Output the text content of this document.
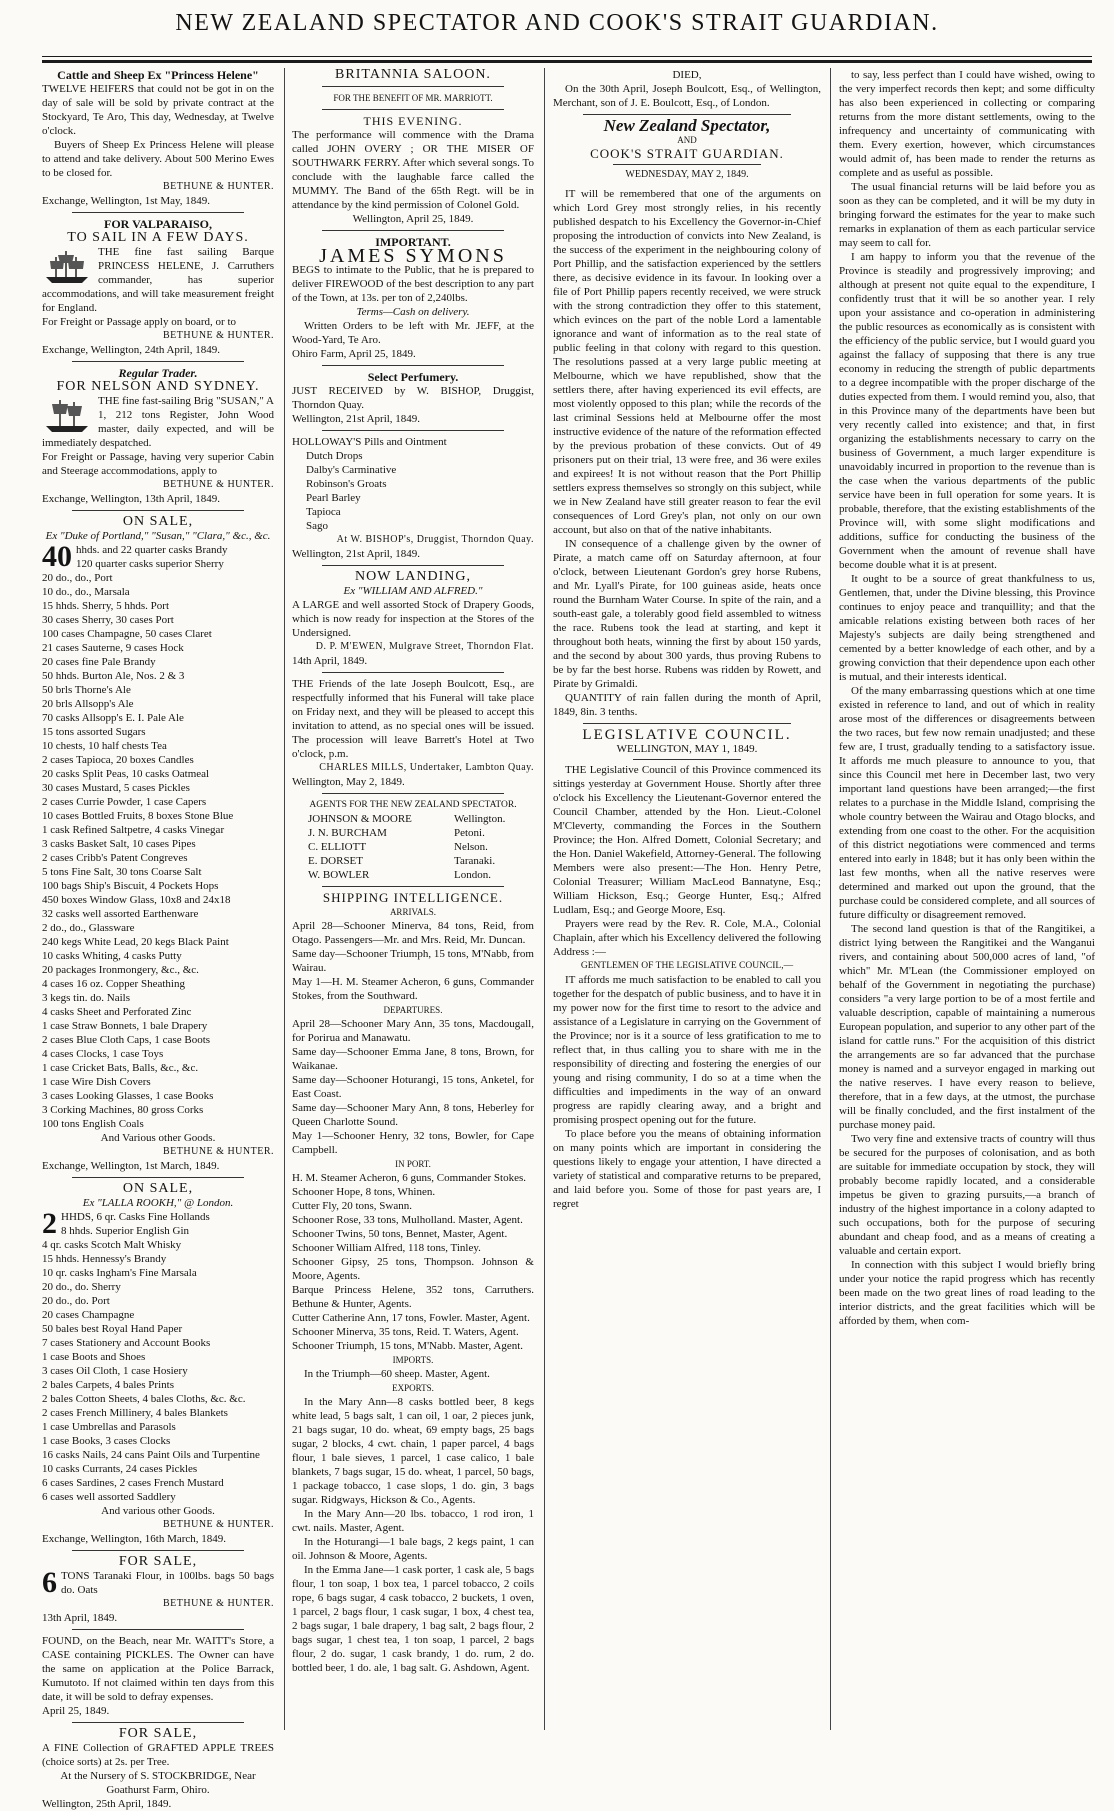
NEW ZEALAND SPECTATOR AND COOK'S STRAIT GUARDIAN.
Cattle and Sheep Ex "Princess Helene"

TWELVE HEIFERS that could not be got in on the day of sale will be sold by private contract at the Stockyard, Te Aro, This day, Wednesday, at Twelve o'clock.

Buyers of Sheep Ex Princess Helene will please to attend and take delivery. About 500 Merino Ewes to be closed for.

BETHUNE & HUNTER.
Exchange, Wellington, 1st May, 1849.
FOR VALPARAISO,
TO SAIL IN A FEW DAYS.

THE fine fast sailing Barque PRINCESS HELENE, J. Carruthers commander, has superior accommodations, and will take measurement freight for England.

For Freight or Passage apply on board, or to

BETHUNE & HUNTER.
Exchange, Wellington, 24th April, 1849.
Regular Trader.
FOR NELSON AND SYDNEY.

THE fine fast-sailing Brig "SUSAN," A 1, 212 tons Register, John Wood master, daily expected, and will be immediately despatched.

For Freight or Passage, having very superior Cabin and Steerage accommodations, apply to

BETHUNE & HUNTER.
Exchange, Wellington, 13th April, 1849.
ON SALE,
Ex "Duke of Portland," "Susan," "Clara," &c., &c.
40 hhds. and 22 quarter casks Brandy
120 quarter casks superior Sherry
20 do., do., Port
10 do., do., Marsala
15 hhds. Sherry, 5 hhds. Port
30 cases Sherry, 30 cases Port
100 cases Champagne, 50 cases Claret
21 cases Sauterne, 9 cases Hock
20 cases fine Pale Brandy
50 hhds. Burton Ale, Nos. 2 & 3
50 brls Thorne's Ale
20 brls Allsopp's Ale
70 casks Allsopp's E. I. Pale Ale
15 tons assorted Sugars
10 chests, 10 half chests Tea
2 cases Tapioca, 20 boxes Candles
20 casks Split Peas, 10 casks Oatmeal
30 cases Mustard, 5 cases Pickles
2 cases Currie Powder, 1 case Capers
10 cases Bottled Fruits, 8 boxes Stone Blue
1 cask Refined Saltpetre, 4 casks Vinegar
3 casks Basket Salt, 10 cases Pipes
2 cases Cribb's Patent Congreves
5 tons Fine Salt, 30 tons Coarse Salt
100 bags Ship's Biscuit, 4 Pockets Hops
450 boxes Window Glass, 10x8 and 24x18
32 casks well assorted Earthenware
2 do., do., Glassware
240 kegs White Lead, 20 kegs Black Paint
10 casks Whiting, 4 casks Putty
20 packages Ironmongery, &c., &c.
4 cases 16 oz. Copper Sheathing
3 kegs tin. do. Nails
4 casks Sheet and Perforated Zinc
1 case Straw Bonnets, 1 bale Drapery
2 cases Blue Cloth Caps, 1 case Boots
4 cases Clocks, 1 case Toys
1 case Cricket Bats, Balls, &c., &c.
1 case Wire Dish Covers
3 cases Looking Glasses, 1 case Books
3 Corking Machines, 80 gross Corks
100 tons English Coals
And Various other Goods.
BETHUNE & HUNTER.
Exchange, Wellington, 1st March, 1849.
ON SALE,
Ex "LALLA ROOKH," @ London.
2 HHDS, 6 qr. Casks Fine Hollands
8 hhds. Superior English Gin
4 qr. casks Scotch Malt Whisky
15 hhds. Hennessy's Brandy
10 qr. casks Ingham's Fine Marsala
20 do., do. Sherry
20 do., do. Port
20 cases Champagne
50 bales best Royal Hand Paper
7 cases Stationery and Account Books
1 case Boots and Shoes
3 cases Oil Cloth, 1 case Hosiery
2 bales Carpets, 4 bales Prints
2 bales Cotton Sheets, 4 bales Cloths, &c. &c.
2 cases French Millinery, 4 bales Blankets
1 case Umbrellas and Parasols
1 case Books, 3 cases Clocks
16 casks Nails, 24 cans Paint Oils and Turpentine
10 casks Currants, 24 cases Pickles
6 cases Sardines, 2 cases French Mustard
6 cases well assorted Saddlery
And various other Goods.
BETHUNE & HUNTER.
Exchange, Wellington, 16th March, 1849.
FOR SALE,

6 TONS Taranaki Flour, in 100lbs. bags 50 bags do. Oats

BETHUNE & HUNTER.
13th April, 1849.

FOUND, on the Beach, near Mr. WAITT's Store, a CASE containing PICKLES. The Owner can have the same on application at the Police Barrack, Kumutoto. If not claimed within ten days from this date, it will be sold to defray expenses.

April 25, 1849.
FOR SALE,

A FINE Collection of GRAFTED APPLE TREES (choice sorts) at 2s. per Tree.

At the Nursery of S. STOCKBRIDGE, Near Goathurst Farm, Ohiro.
Wellington, 25th April, 1849.
BRITANNIA SALOON.
FOR THE BENEFIT OF MR. MARRIOTT.
THIS EVENING.

The performance will commence with the Drama called JOHN OVERY ; OR THE MISER OF SOUTHWARK FERRY. After which several songs. To conclude with the laughable farce called the MUMMY. The Band of the 65th Regt. will be in attendance by the kind permission of Colonel Gold.

Wellington, April 25, 1849.
IMPORTANT.
JAMES SYMONS

BEGS to intimate to the Public, that he is prepared to deliver FIREWOOD of the best description to any part of the Town, at 13s. per ton of 2,240lbs.

Terms—Cash on delivery.

Written Orders to be left with Mr. JEFF, at the Wood-Yard, Te Aro.

Ohiro Farm, April 25, 1849.
Select Perfumery.

JUST RECEIVED by W. BISHOP, Druggist, Thorndon Quay.

Wellington, 21st April, 1849.
HOLLOWAY'S Pills and Ointment
Dutch Drops
Dalby's Carminative
Robinson's Groats
Pearl Barley
Tapioca
Sago
At W. BISHOP's, Druggist, Thorndon Quay.
Wellington, 21st April, 1849.
NOW LANDING,
Ex "WILLIAM AND ALFRED."

A LARGE and well assorted Stock of Drapery Goods, which is now ready for inspection at the Stores of the Undersigned.

D. P. M'EWEN, Mulgrave Street, Thorndon Flat.
14th April, 1849.

THE Friends of the late Joseph Boulcott, Esq., are respectfully informed that his Funeral will take place on Friday next, and they will be pleased to accept this invitation to attend, as no special ones will be issued. The procession will leave Barrett's Hotel at Two o'clock, p.m.

CHARLES MILLS, Undertaker, Lambton Quay.
Wellington, May 2, 1849.
AGENTS FOR THE NEW ZEALAND SPECTATOR.
JOHNSON & MOORE	Wellington.
J. N. BURCHAM	Petoni.
C. ELLIOTT	Nelson.
E. DORSET	Taranaki.
W. BOWLER	London.
SHIPPING INTELLIGENCE.
ARRIVALS.
April 28—Schooner Minerva, 84 tons, Reid, from Otago. Passengers—Mr. and Mrs. Reid, Mr. Duncan.
Same day—Schooner Triumph, 15 tons, M'Nabb, from Wairau.
May 1—H. M. Steamer Acheron, 6 guns, Commander Stokes, from the Southward.
DEPARTURES.
April 28—Schooner Mary Ann, 35 tons, Macdougall, for Porirua and Manawatu.
Same day—Schooner Emma Jane, 8 tons, Brown, for Waikanae.
Same day—Schooner Hoturangi, 15 tons, Anketel, for East Coast.
Same day—Schooner Mary Ann, 8 tons, Heberley for Queen Charlotte Sound.
May 1—Schooner Henry, 32 tons, Bowler, for Cape Campbell.
IN PORT.
H. M. Steamer Acheron, 6 guns, Commander Stokes.
Schooner Hope, 8 tons, Whinen.
Cutter Fly, 20 tons, Swann.
Schooner Rose, 33 tons, Mulholland. Master, Agent.
Schooner Twins, 50 tons, Bennet, Master, Agent.
Schooner William Alfred, 118 tons, Tinley.
Schooner Gipsy, 25 tons, Thompson. Johnson & Moore, Agents.
Barque Princess Helene, 352 tons, Carruthers. Bethune & Hunter, Agents.
Cutter Catherine Ann, 17 tons, Fowler. Master, Agent.
Schooner Minerva, 35 tons, Reid. T. Waters, Agent.
Schooner Triumph, 15 tons, M'Nabb. Master, Agent.
IMPORTS.

In the Triumph—60 sheep. Master, Agent.

EXPORTS.
In the Mary Ann—8 casks bottled beer, 8 kegs white lead, 5 bags salt, 1 can oil, 1 oar, 2 pieces junk, 21 bags sugar, 10 do. wheat, 69 empty bags, 25 bags sugar, 2 blocks, 4 cwt. chain, 1 paper parcel, 4 bags flour, 1 bale sieves, 1 parcel, 1 case calico, 1 bale blankets, 7 bags sugar, 15 do. wheat, 1 parcel, 50 bags, 1 package tobacco, 1 case slops, 1 do. gin, 3 bags sugar. Ridgways, Hickson & Co., Agents.
In the Mary Ann—20 lbs. tobacco, 1 rod iron, 1 cwt. nails. Master, Agent.
In the Hoturangi—1 bale bags, 2 kegs paint, 1 can oil. Johnson & Moore, Agents.
In the Emma Jane—1 cask porter, 1 cask ale, 5 bags flour, 1 ton soap, 1 box tea, 1 parcel tobacco, 2 coils rope, 6 bags sugar, 4 cask tobacco, 2 buckets, 1 oven, 1 parcel, 2 bags flour, 1 cask sugar, 1 box, 4 chest tea, 2 bags sugar, 1 bale drapery, 1 bag salt, 2 bags flour, 2 bags sugar, 1 chest tea, 1 ton soap, 1 parcel, 2 bags flour, 2 do. sugar, 1 cask brandy, 1 do. rum, 2 do. bottled beer, 1 do. ale, 1 bag salt. G. Ashdown, Agent.
DIED,

On the 30th April, Joseph Boulcott, Esq., of Wellington, Merchant, son of J. E. Boulcott, Esq., of London.

New Zealand Spectator,
AND
COOK'S STRAIT GUARDIAN.
WEDNESDAY, MAY 2, 1849.
IT will be remembered that one of the arguments on which Lord Grey most strongly relies, in his recently published despatch to his Excellency the Governor-in-Chief proposing the introduction of convicts into New Zealand, is the success of the experiment in the neighbouring colony of Port Phillip, and the satisfaction experienced by the settlers there, as decisive evidence in its favour. In looking over a file of Port Phillip papers recently received, we were struck with the strong contradiction they offer to this statement, which evinces on the part of the noble Lord a lamentable ignorance and want of information as to the real state of public feeling in that colony with regard to this question. The resolutions passed at a very large public meeting at Melbourne, which we have republished, show that the settlers there, after having experienced its evil effects, are most violently opposed to this plan; while the records of the last criminal Sessions held at Melbourne offer the most instructive evidence of the nature of the reformation effected by the previous probation of these convicts. Out of 49 prisoners put on their trial, 13 were free, and 36 were exiles and expirees! It is not without reason that the Port Phillip settlers express themselves so strongly on this subject, while we in New Zealand have still greater reason to fear the evil consequences of Lord Grey's plan, not only on our own account, but also on that of the native inhabitants.
IN consequence of a challenge given by the owner of Pirate, a match came off on Saturday afternoon, at four o'clock, between Lieutenant Gordon's grey horse Rubens, and Mr. Lyall's Pirate, for 100 guineas aside, heats once round the Burnham Water Course. In spite of the rain, and a south-east gale, a tolerably good field assembled to witness the race. Rubens took the lead at starting, and kept it throughout both heats, winning the first by about 150 yards, and the second by about 300 yards, thus proving Rubens to be by far the best horse. Rubens was ridden by Rowett, and Pirate by Grimaldi.
QUANTITY of rain fallen during the month of April, 1849, 8in. 3 tenths.
LEGISLATIVE COUNCIL.
WELLINGTON, MAY 1, 1849.

THE Legislative Council of this Province commenced its sittings yesterday at Government House. Shortly after three o'clock his Excellency the Lieutenant-Governor entered the Council Chamber, attended by the Hon. Lieut.-Colonel M'Cleverty, commanding the Forces in the Southern Province; the Hon. Alfred Domett, Colonial Secretary; and the Hon. Daniel Wakefield, Attorney-General. The following Members were also present:—The Hon. Henry Petre, Colonial Treasurer; William MacLeod Bannatyne, Esq.; William Hickson, Esq.; George Hunter, Esq.; Alfred Ludlam, Esq.; and George Moore, Esq.

Prayers were read by the Rev. R. Cole, M.A., Colonial Chaplain, after which his Excellency delivered the following Address :—

GENTLEMEN OF THE LEGISLATIVE COUNCIL,—
IT affords me much satisfaction to be enabled to call you together for the despatch of public business, and to have it in my power now for the first time to resort to the advice and assistance of a Legislature in carrying on the Government of the Province; nor is it a source of less gratification to me to reflect that, in thus calling you to share with me in the responsibility of directing and fostering the energies of our young and rising community, I do so at a time when the difficulties and impediments in the way of an onward progress are rapidly clearing away, and a bright and promising prospect opening out for the future.
To place before you the means of obtaining information on many points which are important in considering the questions likely to engage your attention, I have directed a variety of statistical and comparative returns to be prepared, and laid before you. Some of those for past years are, I regret
to say, less perfect than I could have wished, owing to the very imperfect records then kept; and some difficulty has also been experienced in collecting or comparing returns from the more distant settlements, owing to the infrequency and uncertainty of communicating with them. Every exertion, however, which circumstances would admit of, has been made to render the returns as complete and as useful as possible.
The usual financial returns will be laid before you as soon as they can be completed, and it will be my duty in bringing forward the estimates for the year to make such remarks in explanation of them as each particular service may seem to call for.
I am happy to inform you that the revenue of the Province is steadily and progressively improving; and although at present not quite equal to the expenditure, I confidently trust that it will be so another year. I rely upon your assistance and co-operation in administering the public resources as economically as is consistent with the efficiency of the public service, but I would guard you against the fallacy of supposing that there is any true economy in reducing the strength of public departments to a degree incompatible with the proper discharge of the duties expected from them. I would remind you, also, that in this Province many of the departments have been but very recently called into existence; and that, in first organizing the establishments necessary to carry on the business of Government, a much larger expenditure is unavoidably incurred in proportion to the revenue than is the case when the various departments of the public service have been in full operation for some years. It is probable, therefore, that the existing establishments of the Province will, with some slight modifications and additions, suffice for conducting the business of the Government when the amount of revenue shall have become double what it is at present.
It ought to be a source of great thankfulness to us, Gentlemen, that, under the Divine blessing, this Province continues to enjoy peace and tranquillity; and that the amicable relations existing between both races of her Majesty's subjects are daily being strengthened and cemented by a better knowledge of each other, and by a growing conviction that their dependence upon each other is mutual, and their interests identical.
Of the many embarrassing questions which at one time existed in reference to land, and out of which in reality arose most of the differences or disagreements between the two races, but few now remain unadjusted; and these few are, I trust, gradually tending to a satisfactory issue. It affords me much pleasure to announce to you, that since this Council met here in December last, two very important land questions have been arranged;—the first relates to a purchase in the Middle Island, comprising the whole country between the Wairau and Otago blocks, and extending from one coast to the other. For the acquisition of this district negotiations were commenced and terms entered into early in 1848; but it has only been within the last few months, when all the native reserves were determined and marked out upon the ground, that the purchase could be considered complete, and all sources of future difficulty or disagreement removed.
The second land question is that of the Rangitikei, a district lying between the Rangitikei and the Wanganui rivers, and containing about 500,000 acres of land, "of which" Mr. M'Lean (the Commissioner employed on behalf of the Government in negotiating the purchase) considers "a very large portion to be of a most fertile and valuable description, capable of maintaining a numerous European population, and superior to any other part of the island for cattle runs." For the acquisition of this district the arrangements are so far advanced that the purchase money is named and a surveyor engaged in marking out the native reserves. I have every reason to believe, therefore, that in a few days, at the utmost, the purchase will be finally concluded, and the first instalment of the purchase money paid.
Two very fine and extensive tracts of country will thus be secured for the purposes of colonisation, and as both are suitable for immediate occupation by stock, they will probably become rapidly located, and a considerable impetus be given to grazing pursuits,—a branch of industry of the highest importance in a colony adapted to such occupations, both for the purpose of securing abundant and cheap food, and as a means of creating a valuable and certain export.
In connection with this subject I would briefly bring under your notice the rapid progress which has recently been made on the two great lines of road leading to the interior districts, and the great facilities which will be afforded by them, when com-
